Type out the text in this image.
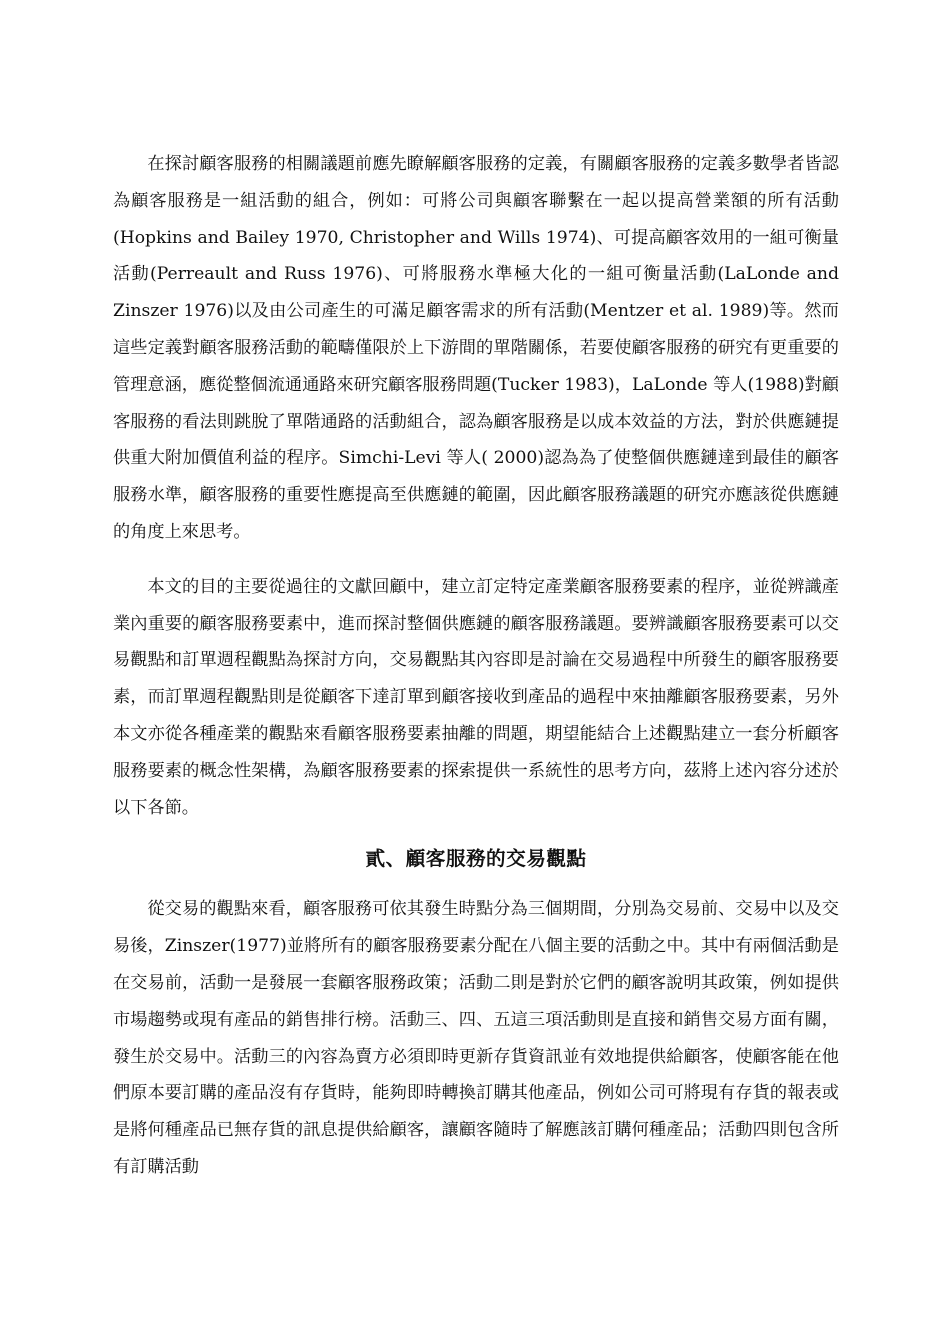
在探討顧客服務的相關議題前應先瞭解顧客服務的定義，有關顧客服務的定義多數學者皆認為顧客服務是一組活動的組合，例如：可將公司與顧客聯繫在一起以提高營業額的所有活動(Hopkins and Bailey 1970, Christopher and Wills 1974)、可提高顧客效用的一組可衡量活動(Perreault and Russ 1976)、可將服務水準極大化的一組可衡量活動(LaLonde and Zinszer 1976)以及由公司產生的可滿足顧客需求的所有活動(Mentzer et al. 1989)等。然而這些定義對顧客服務活動的範疇僅限於上下游間的單階關係，若要使顧客服務的研究有更重要的管理意涵，應從整個流通通路來研究顧客服務問題(Tucker 1983)，LaLonde 等人(1988)對顧客服務的看法則跳脫了單階通路的活動組合，認為顧客服務是以成本效益的方法，對於供應鏈提供重大附加價值利益的程序。Simchi-Levi 等人( 2000)認為為了使整個供應鏈達到最佳的顧客服務水準，顧客服務的重要性應提高至供應鏈的範圍，因此顧客服務議題的研究亦應該從供應鏈的角度上來思考。

本文的目的主要從過往的文獻回顧中，建立訂定特定產業顧客服務要素的程序，並從辨識產業內重要的顧客服務要素中，進而探討整個供應鏈的顧客服務議題。要辨識顧客服務要素可以交易觀點和訂單週程觀點為探討方向，交易觀點其內容即是討論在交易過程中所發生的顧客服務要素，而訂單週程觀點則是從顧客下達訂單到顧客接收到產品的過程中來抽離顧客服務要素，另外本文亦從各種產業的觀點來看顧客服務要素抽離的問題，期望能結合上述觀點建立一套分析顧客服務要素的概念性架構，為顧客服務要素的探索提供一系統性的思考方向，茲將上述內容分述於以下各節。

貳、顧客服務的交易觀點

從交易的觀點來看，顧客服務可依其發生時點分為三個期間，分別為交易前、交易中以及交易後，Zinszer(1977)並將所有的顧客服務要素分配在八個主要的活動之中。其中有兩個活動是在交易前，活動一是發展一套顧客服務政策；活動二則是對於它們的顧客說明其政策，例如提供市場趨勢或現有產品的銷售排行榜。活動三、四、五這三項活動則是直接和銷售交易方面有關，發生於交易中。活動三的內容為賣方必須即時更新存貨資訊並有效地提供給顧客，使顧客能在他們原本要訂購的產品沒有存貨時，能夠即時轉換訂購其他產品，例如公司可將現有存貨的報表或是將何種產品已無存貨的訊息提供給顧客，讓顧客隨時了解應該訂購何種產品；活動四則包含所有訂購活動
